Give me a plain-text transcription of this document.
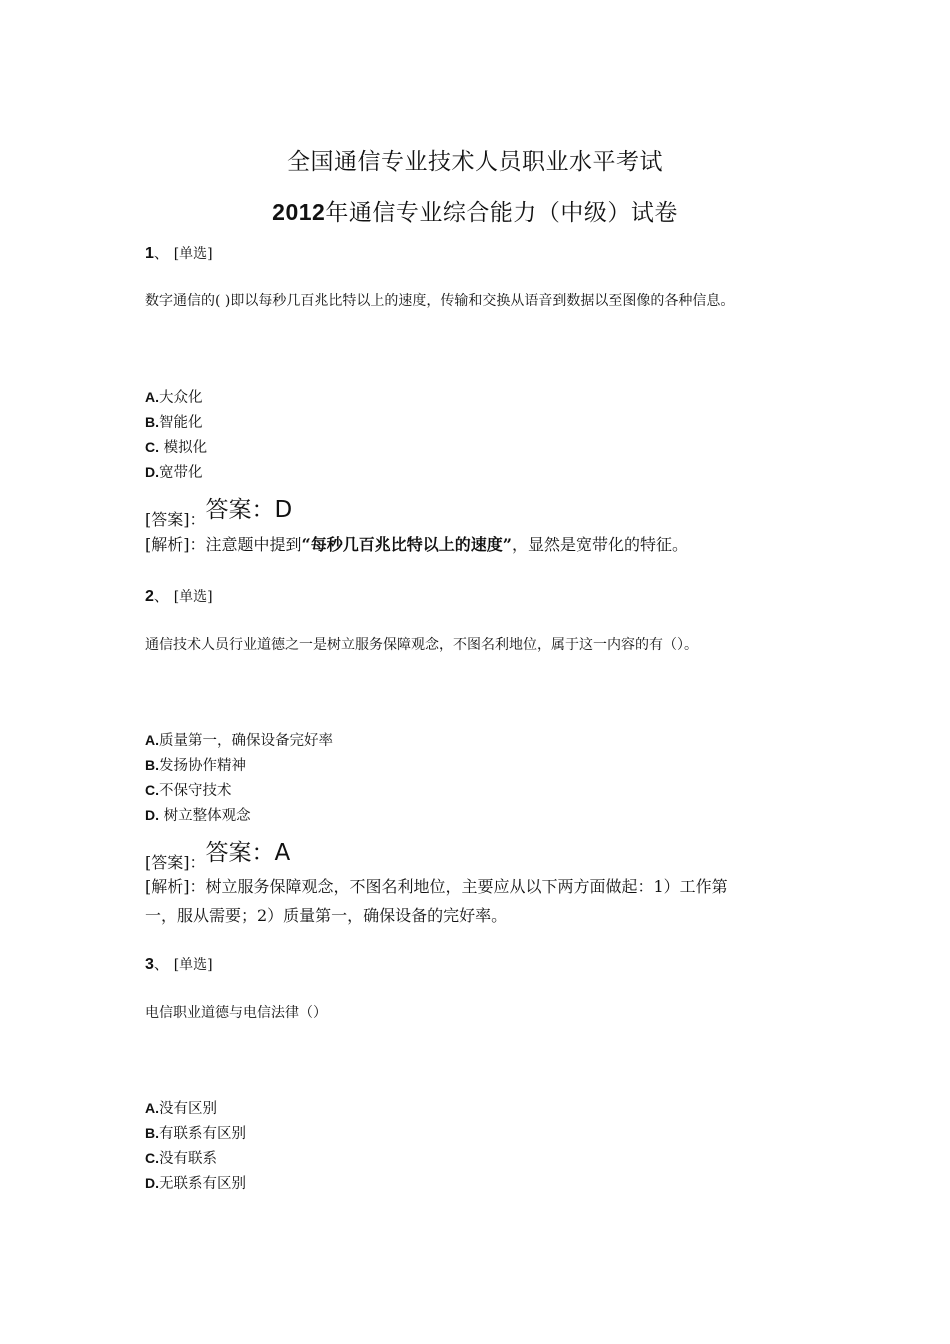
全国通信专业技术人员职业水平考试
2012年通信专业综合能力（中级）试卷
1、 [单选]
数字通信的( )即以每秒几百兆比特以上的速度，传输和交换从语音到数据以至图像的各种信息。
A.大众化
B.智能化
C. 模拟化
D.宽带化
[答案]：答案：D
[解析]：注意题中提到“每秒几百兆比特以上的速度”，显然是宽带化的特征。
2、 [单选]
通信技术人员行业道德之一是树立服务保障观念，不图名利地位，属于这一内容的有（）。
A.质量第一，确保设备完好率
B.发扬协作精神
C.不保守技术
D. 树立整体观念
[答案]：答案：A
[解析]：树立服务保障观念，不图名利地位，主要应从以下两方面做起：1）工作第
一，服从需要；2）质量第一，确保设备的完好率。
3、 [单选]
电信职业道德与电信法律（）
A.没有区别
B.有联系有区别
C.没有联系
D.无联系有区别
